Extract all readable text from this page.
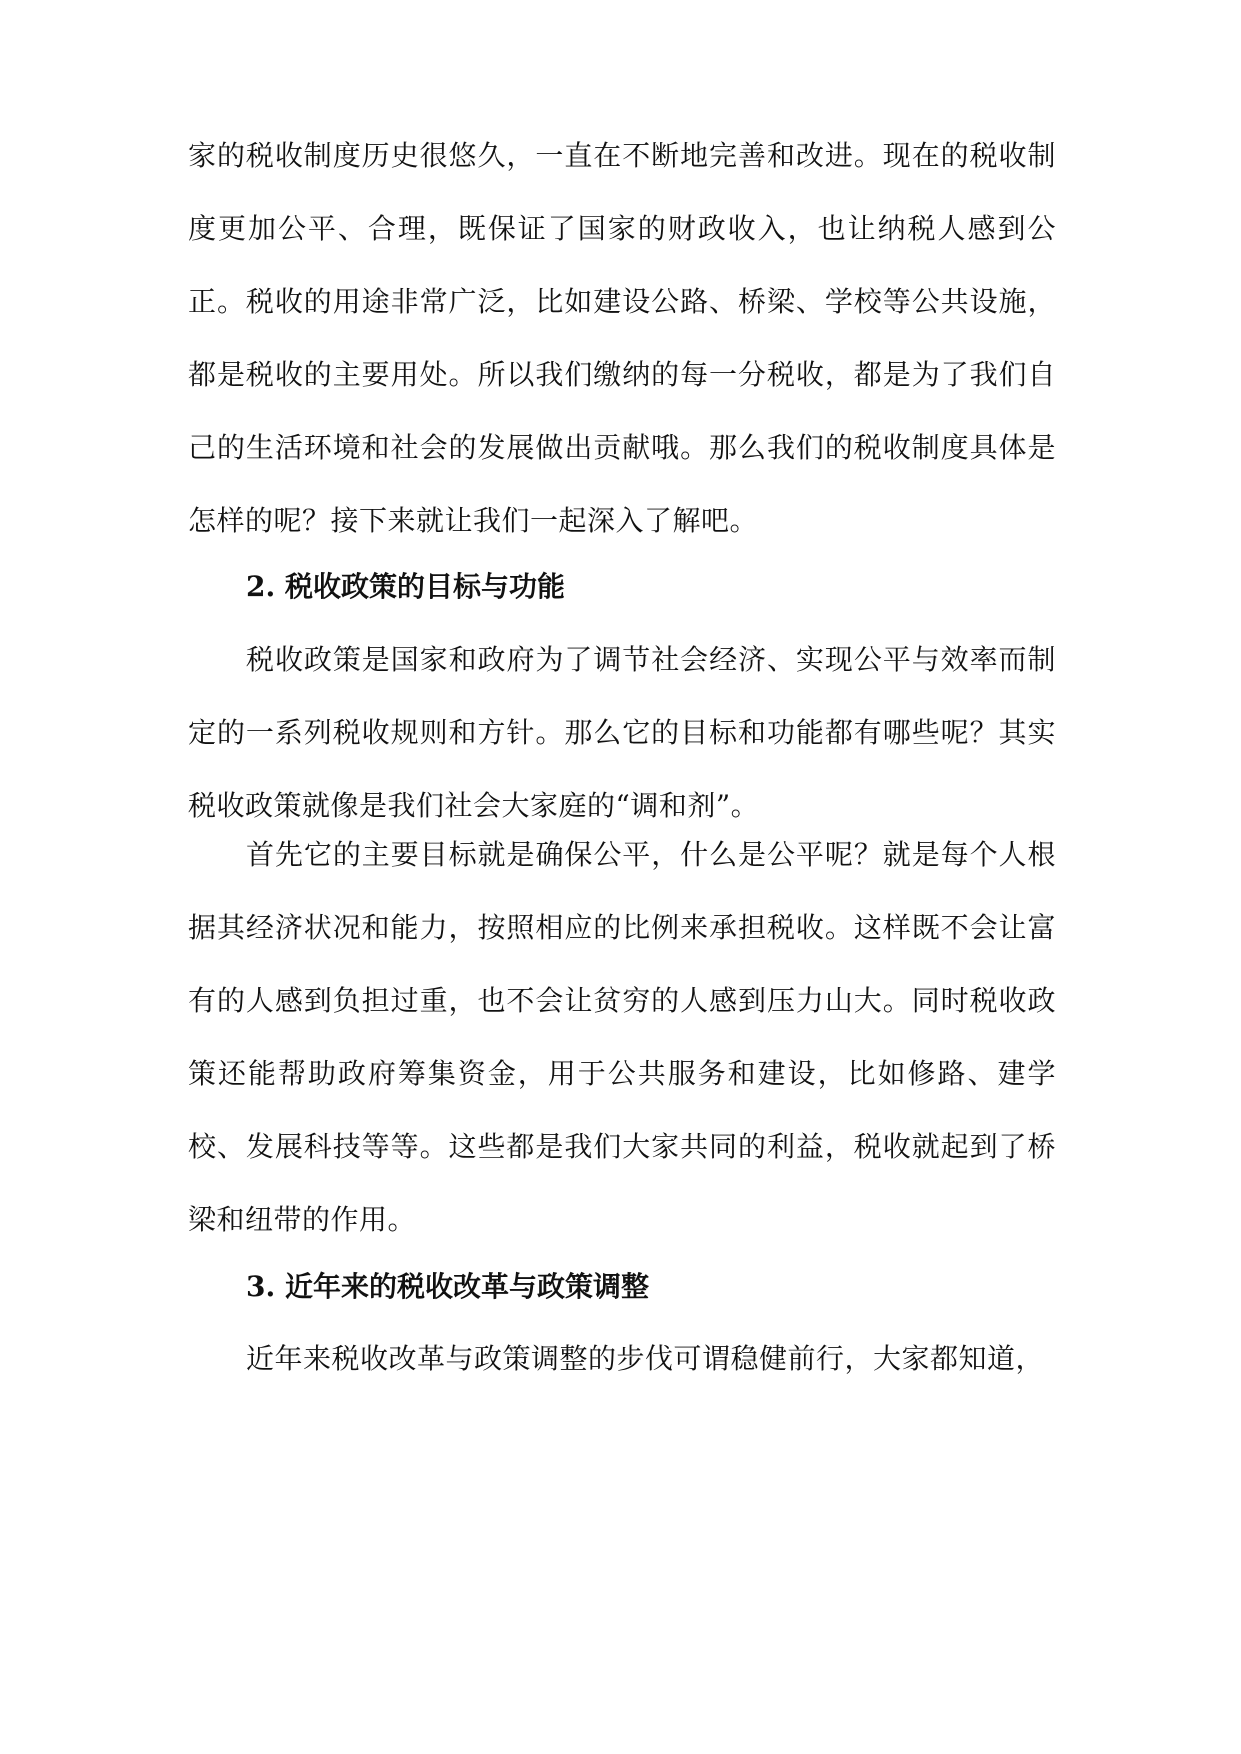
家的税收制度历史很悠久，一直在不断地完善和改进。现在的税收制度更加公平、合理，既保证了国家的财政收入，也让纳税人感到公正。税收的用途非常广泛，比如建设公路、桥梁、学校等公共设施，都是税收的主要用处。所以我们缴纳的每一分税收，都是为了我们自己的生活环境和社会的发展做出贡献哦。那么我们的税收制度具体是怎样的呢？接下来就让我们一起深入了解吧。

2. 税收政策的目标与功能

税收政策是国家和政府为了调节社会经济、实现公平与效率而制定的一系列税收规则和方针。那么它的目标和功能都有哪些呢？其实税收政策就像是我们社会大家庭的“调和剂”。

首先它的主要目标就是确保公平，什么是公平呢？就是每个人根据其经济状况和能力，按照相应的比例来承担税收。这样既不会让富有的人感到负担过重，也不会让贫穷的人感到压力山大。同时税收政策还能帮助政府筹集资金，用于公共服务和建设，比如修路、建学校、发展科技等等。这些都是我们大家共同的利益，税收就起到了桥梁和纽带的作用。

3. 近年来的税收改革与政策调整

近年来税收改革与政策调整的步伐可谓稳健前行，大家都知道，
